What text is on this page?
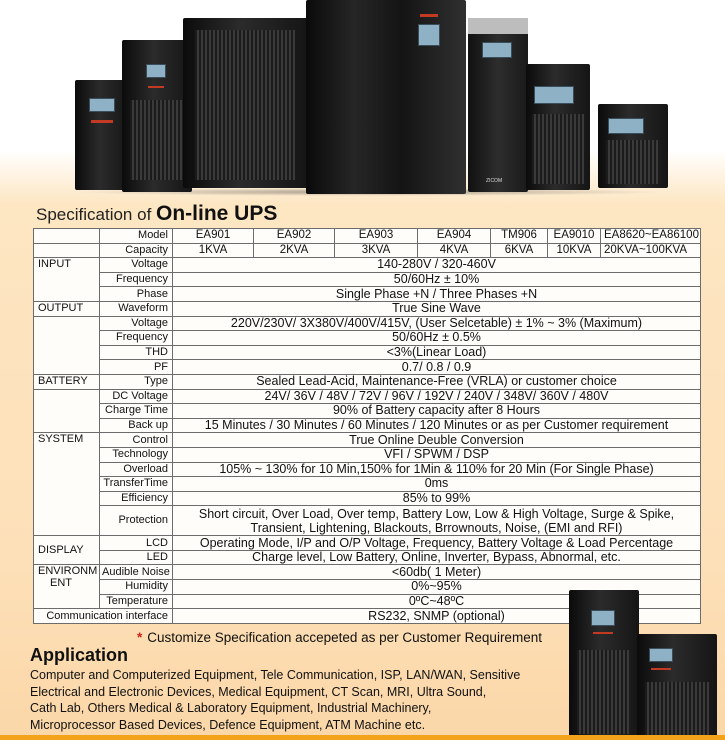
ZICOM
Specification of On-line UPS
	Model	EA901	EA902	EA903	EA904	TM906	EA9010	EA8620~EA86100
	Capacity	1KVA	2KVA	3KVA	4KVA	6KVA	10KVA	20KVA~100KVA
INPUT	Voltage	140-280V / 320-460V						
	Frequency	50/60Hz ± 10%						
	Phase	Single Phase +N / Three Phases +N						
OUTPUT	Waveform	True Sine Wave						
	Voltage	220V/230V/ 3X380V/400V/415V, (User Selcetable) ± 1% ~ 3% (Maximum)						
	Frequency	50/60Hz ± 0.5%						
	THD	<3%(Linear Load)						
	PF	0.7/ 0.8 / 0.9						
BATTERY	Type	Sealed Lead-Acid, Maintenance-Free (VRLA) or customer choice						
	DC Voltage	24V/ 36V / 48V / 72V / 96V / 192V / 240V / 348V/ 360V / 480V						
	Charge Time	90% of Battery capacity after 8 Hours						
	Back up	15 Minutes / 30 Minutes / 60 Minutes / 120 Minutes or as per Customer requirement						
SYSTEM	Control	True Online Deuble Conversion						
	Technology	VFI / SPWM / DSP						
	Overload	105% ~ 130% for 10 Min,150% for 1Min & 110% for 20 Min (For Single Phase)						
	TransferTime	0ms						
	Efficiency	85% to 99%						
	Protection	Short circuit, Over Load, Over temp, Battery Low, Low & High Voltage, Surge & Spike,
Transient, Lightening, Blackouts, Brrownouts, Noise, (EMI and RFI)						
DISPLAY	LCD	Operating Mode, I/P and O/P Voltage, Frequency, Battery Voltage & Load Percentage						
	LED	Charge level, Low Battery, Online, Inverter, Bypass, Abnormal, etc.						

ENVIRONM
ENT	Audible Noise	<60db( 1 Meter)						
	Humidity	0%~95%						
	Temperature	0ºC~48ºC						
Communication interface		RS232, SNMP (optional)						
* Customize Specification accepeted as per Customer Requirement
Application
Computer and Computerized Equipment, Tele Communication, ISP, LAN/WAN, Sensitive
Electrical and Electronic Devices, Medical Equipment, CT Scan, MRI, Ultra Sound,
Cath Lab, Others Medical & Laboratory Equipment, Industrial Machinery,
Microprocessor Based Devices, Defence Equipment, ATM Machine etc.
